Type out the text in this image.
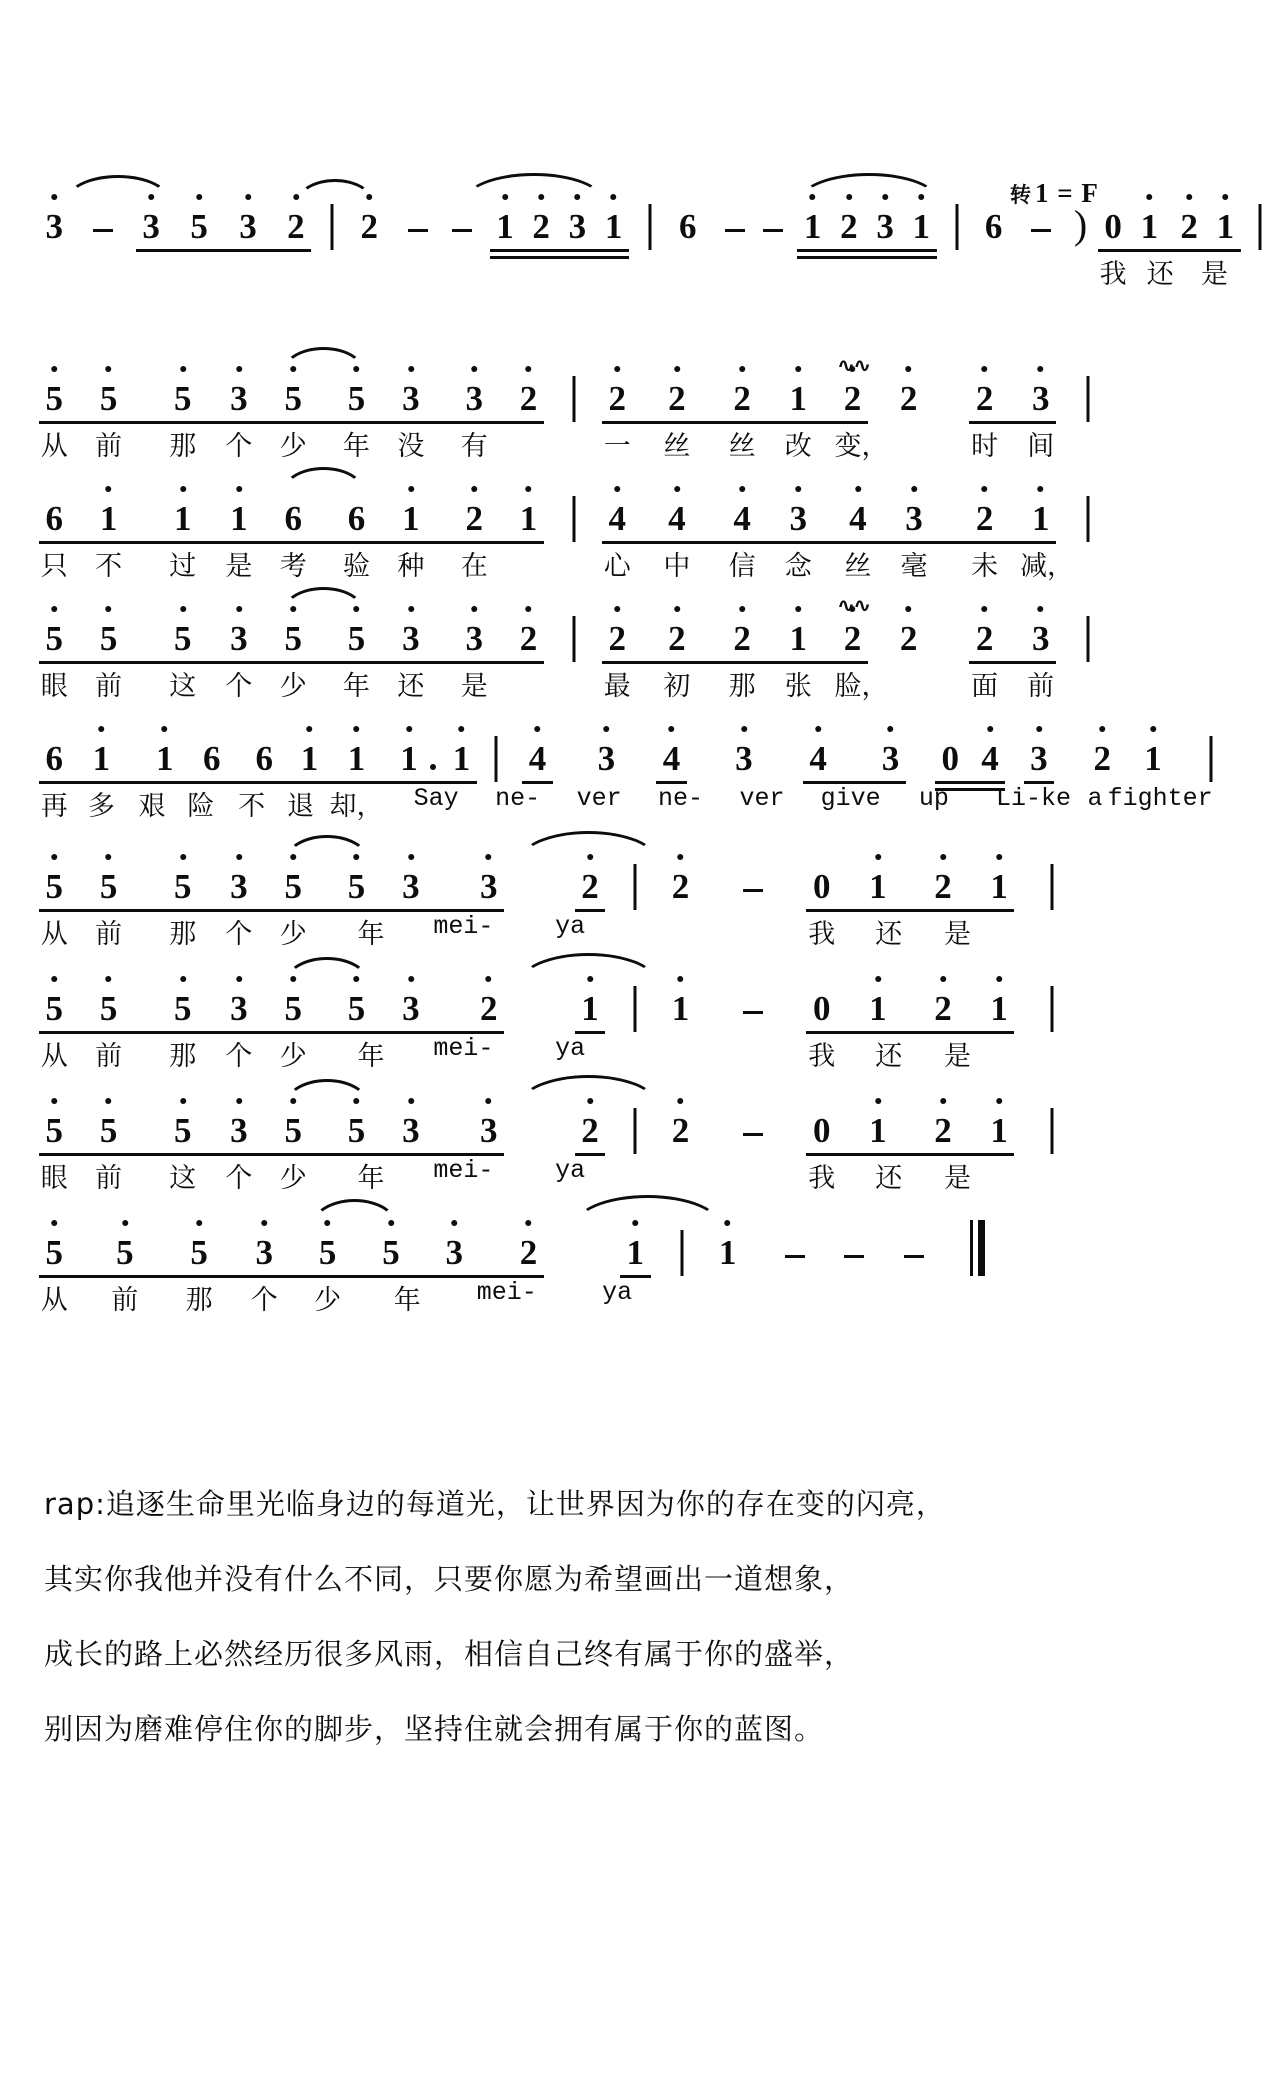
转 1 = F
3 3 5 3 2 2	1 2 3 1 6	1 2 3 1 6 ) 0 1 2 1
我 还 是
5 5 5 3 5 5 3 3 2 2 2 2 1 2 2 2 3
∿∿
从 前 那 个 少 年 没 有	一 丝 丝 改 变，	时 间
6 1 1 1 6 6 1 2 1 4 4 4 3 4 3 2 1
只 不 过 是 考 验 种 在	心 中 信 念 丝 毫 未 减，
5 5 5 3 5 5 3 3 2 2 2 2 1 2 2 2 3
∿∿
眼 前 这 个 少 年 还 是	最 初 那 张 脸，	面 前
6 1 1 6 6 1 1 1 1 4 3 4 3 4 3 0 4 3 2 1
再 多 艰 险 不 退 却， Say ne- ver ne- ver give up Li-ke a fighter
5 5 5 3 5 5 3 3 2 2	0 1 2 1
从 前 那 个 少 年 mei- ya	我 还 是
5 5 5 3 5 5 3 2 1 1	0 1 2 1
从 前 那 个 少 年 mei- ya	我 还 是
5 5 5 3 5 5 3 3 2 2	0 1 2 1
眼 前 这 个 少 年 mei- ya	我 还 是
5 5 5 3 5 5 3 2	1 1
从 前 那 个 少 年 mei-	ya
rap:追逐生命里光临身边的每道光，让世界因为你的存在变的闪亮，
其实你我他并没有什么不同，只要你愿为希望画出一道想象，
成长的路上必然经历很多风雨，相信自己终有属于你的盛举，
别因为磨难停住你的脚步，坚持住就会拥有属于你的蓝图。
